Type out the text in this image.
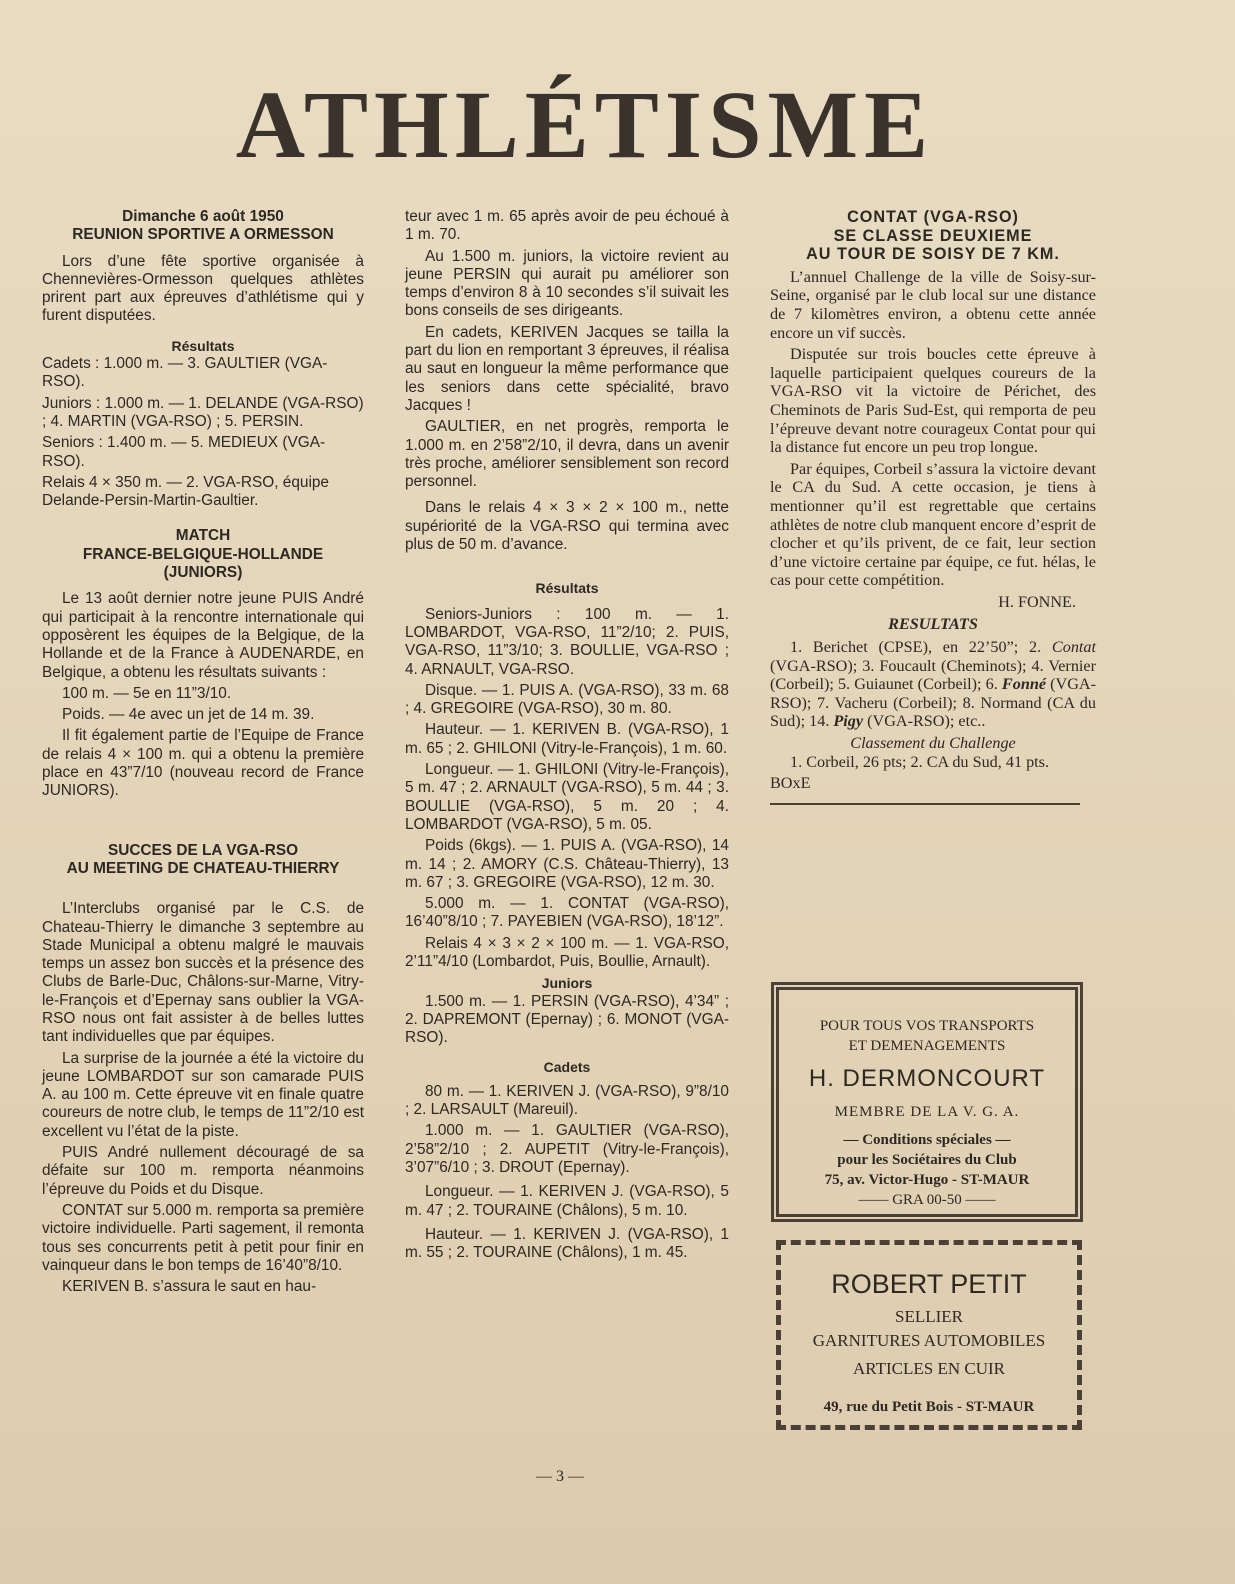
ATHLÉTISME

Dimanche 6 août 1950

REUNION SPORTIVE A ORMESSON

Lors d’une fête sportive organisée à Chennevières-Ormesson quelques athlètes prirent part aux épreuves d’athlétisme qui y furent disputées.

Résultats

Cadets : 1.000 m. — 3. GAULTIER (VGA-RSO).

Juniors : 1.000 m. — 1. DELANDE (VGA-RSO) ; 4. MARTIN (VGA-RSO) ; 5. PERSIN.

Seniors : 1.400 m. — 5. MEDIEUX (VGA-RSO).

Relais 4 × 350 m. — 2. VGA-RSO, équipe Delande-Persin-Martin-Gaultier.

MATCH

FRANCE-BELGIQUE-HOLLANDE

(JUNIORS)

Le 13 août dernier notre jeune PUIS André qui participait à la rencontre internationale qui opposèrent les équipes de la Belgique, de la Hollande et de la France à AUDENARDE, en Belgique, a obtenu les résultats suivants :

100 m. — 5e en 11”3/10.

Poids. — 4e avec un jet de 14 m. 39.

Il fit également partie de l’Equipe de France de relais 4 × 100 m. qui a obtenu la première place en 43”7/10 (nouveau record de France JUNIORS).

SUCCES DE LA VGA-RSO

AU MEETING DE CHATEAU-THIERRY

L’Interclubs organisé par le C.S. de Chateau-Thierry le dimanche 3 septembre au Stade Municipal a obtenu malgré le mauvais temps un assez bon succès et la présence des Clubs de Barle-Duc, Châlons-sur-Marne, Vitry-le-François et d’Epernay sans oublier la VGA-RSO nous ont fait assister à de belles luttes tant individuelles que par équipes.

La surprise de la journée a été la victoire du jeune LOMBARDOT sur son camarade PUIS A. au 100 m. Cette épreuve vit en finale quatre coureurs de notre club, le temps de 11”2/10 est excellent vu l’état de la piste.

PUIS André nullement découragé de sa défaite sur 100 m. remporta néanmoins l’épreuve du Poids et du Disque.

CONTAT sur 5.000 m. remporta sa première victoire individuelle. Parti sagement, il remonta tous ses concurrents petit à petit pour finir en vainqueur dans le bon temps de 16’40”8/10.

KERIVEN B. s’assura le saut en hau-

teur avec 1 m. 65 après avoir de peu échoué à 1 m. 70.

Au 1.500 m. juniors, la victoire revient au jeune PERSIN qui aurait pu améliorer son temps d’environ 8 à 10 secondes s’il suivait les bons conseils de ses dirigeants.

En cadets, KERIVEN Jacques se tailla la part du lion en remportant 3 épreuves, il réalisa au saut en longueur la même performance que les seniors dans cette spécialité, bravo Jacques !

GAULTIER, en net progrès, remporta le 1.000 m. en 2’58”2/10, il devra, dans un avenir très proche, améliorer sensiblement son record personnel.

Dans le relais 4 × 3 × 2 × 100 m., nette supériorité de la VGA-RSO qui termina avec plus de 50 m. d’avance.

Résultats

Seniors-Juniors : 100 m. — 1. LOMBARDOT, VGA-RSO, 11”2/10; 2. PUIS, VGA-RSO, 11”3/10; 3. BOULLIE, VGA-RSO ; 4. ARNAULT, VGA-RSO.

Disque. — 1. PUIS A. (VGA-RSO), 33 m. 68 ; 4. GREGOIRE (VGA-RSO), 30 m. 80.

Hauteur. — 1. KERIVEN B. (VGA-RSO), 1 m. 65 ; 2. GHILONI (Vitry-le-François), 1 m. 60.

Longueur. — 1. GHILONI (Vitry-le-François), 5 m. 47 ; 2. ARNAULT (VGA-RSO), 5 m. 44 ; 3. BOULLIE (VGA-RSO), 5 m. 20 ; 4. LOMBARDOT (VGA-RSO), 5 m. 05.

Poids (6kgs). — 1. PUIS A. (VGA-RSO), 14 m. 14 ; 2. AMORY (C.S. Château-Thierry), 13 m. 67 ; 3. GREGOIRE (VGA-RSO), 12 m. 30.

5.000 m. — 1. CONTAT (VGA-RSO), 16’40”8/10 ; 7. PAYEBIEN (VGA-RSO), 18’12”.

Relais 4 × 3 × 2 × 100 m. — 1. VGA-RSO, 2’11”4/10 (Lombardot, Puis, Boullie, Arnault).

Juniors

1.500 m. — 1. PERSIN (VGA-RSO), 4’34” ; 2. DAPREMONT (Epernay) ; 6. MONOT (VGA-RSO).

Cadets

80 m. — 1. KERIVEN J. (VGA-RSO), 9”8/10 ; 2. LARSAULT (Mareuil).

1.000 m. — 1. GAULTIER (VGA-RSO), 2’58”2/10 ; 2. AUPETIT (Vitry-le-François), 3’07”6/10 ; 3. DROUT (Epernay).

Longueur. — 1. KERIVEN J. (VGA-RSO), 5 m. 47 ; 2. TOURAINE (Châlons), 5 m. 10.

Hauteur. — 1. KERIVEN J. (VGA-RSO), 1 m. 55 ; 2. TOURAINE (Châlons), 1 m. 45.

CONTAT (VGA-RSO)

SE CLASSE DEUXIEME

AU TOUR DE SOISY DE 7 KM.

L’annuel Challenge de la ville de Soisy-sur-Seine, organisé par le club local sur une distance de 7 kilomètres environ, a obtenu cette année encore un vif succès.

Disputée sur trois boucles cette épreuve à laquelle participaient quelques coureurs de la VGA-RSO vit la victoire de Périchet, des Cheminots de Paris Sud-Est, qui remporta de peu l’épreuve devant notre courageux Contat pour qui la distance fut encore un peu trop longue.

Par équipes, Corbeil s’assura la victoire devant le CA du Sud. A cette occasion, je tiens à mentionner qu’il est regrettable que certains athlètes de notre club manquent encore d’esprit de clocher et qu’ils privent, de ce fait, leur section d’une victoire certaine par équipe, ce fut. hélas, le cas pour cette compétition.

H. FONNE.

RESULTATS

1. Berichet (CPSE), en 22’50”; 2. Contat (VGA-RSO); 3. Foucault (Cheminots); 4. Vernier (Corbeil); 5. Guiaunet (Corbeil); 6. Fonné (VGA-RSO); 7. Vacheru (Corbeil); 8. Normand (CA du Sud); 14. Pigy (VGA-RSO); etc..

Classement du Challenge

1. Corbeil, 26 pts; 2. CA du Sud, 41 pts.

BOxE

POUR TOUS VOS TRANSPORTS

ET DEMENAGEMENTS

H. DERMONCOURT

MEMBRE DE LA V. G. A.

— Conditions spéciales —

pour les Sociétaires du Club

75, av. Victor-Hugo - ST-MAUR

—— GRA 00-50 ——

ROBERT PETIT

SELLIER

GARNITURES AUTOMOBILES

ARTICLES EN CUIR

49, rue du Petit Bois - ST-MAUR

— 3 —
